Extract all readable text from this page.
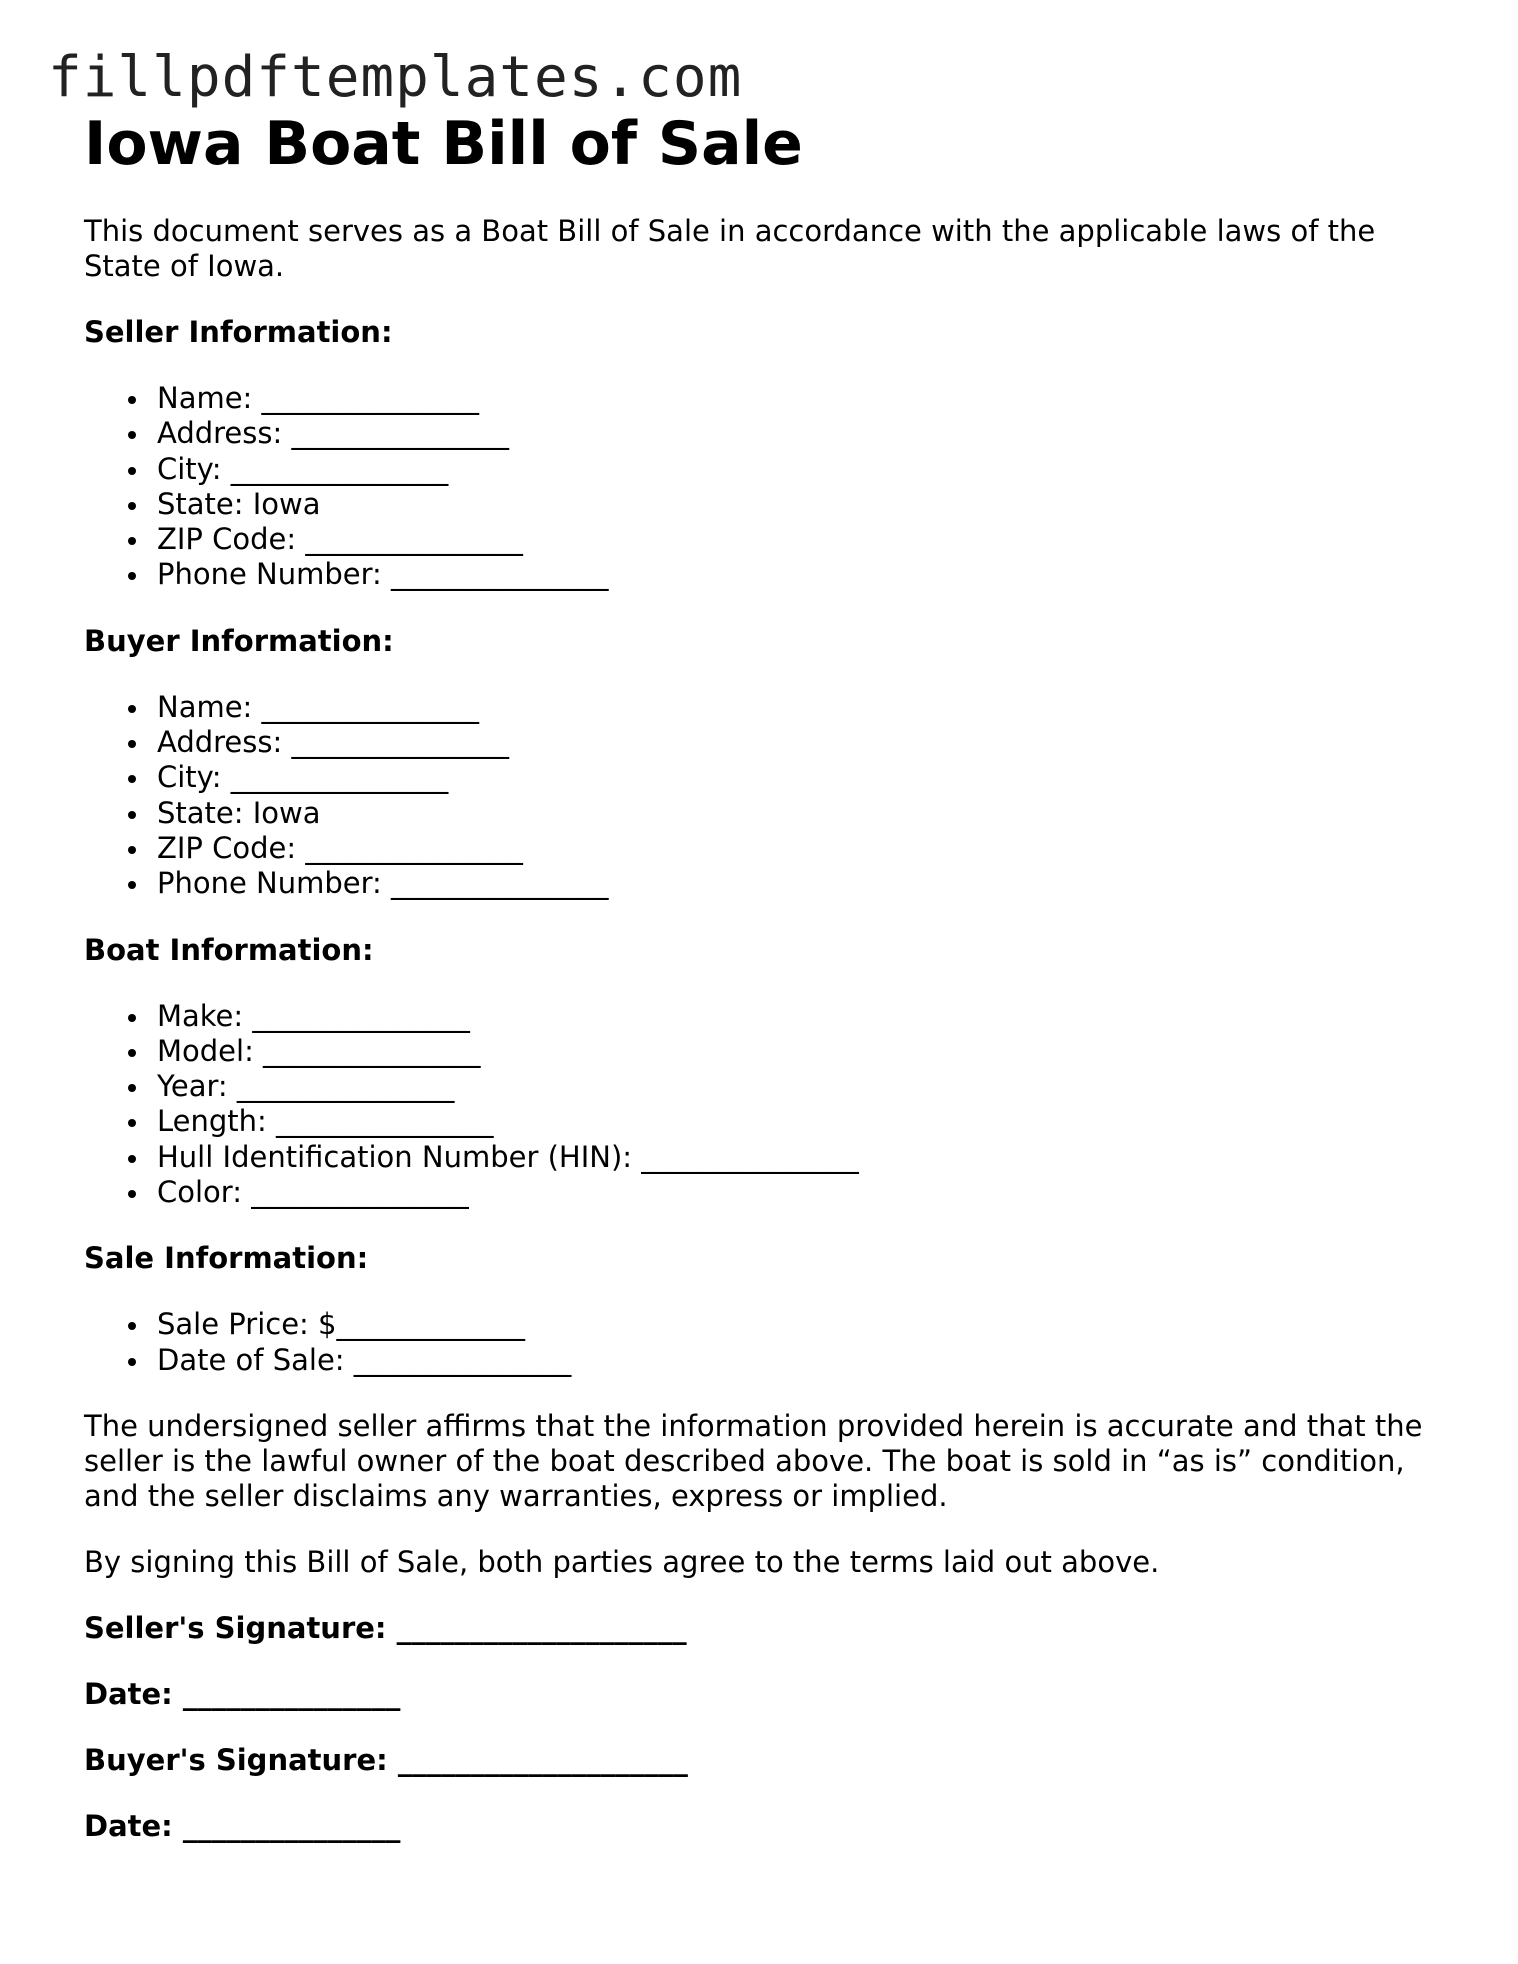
fillpdftemplates.com
Iowa Boat Bill of Sale

This document serves as a Boat Bill of Sale in accordance with the applicable laws of the State of Iowa.

Seller Information:
Name: _______________
Address: _______________
City: _______________
State: Iowa
ZIP Code: _______________
Phone Number: _______________
Buyer Information:
Name: _______________
Address: _______________
City: _______________
State: Iowa
ZIP Code: _______________
Phone Number: _______________
Boat Information:
Make: _______________
Model: _______________
Year: _______________
Length: _______________
Hull Identification Number (HIN): _______________
Color: _______________
Sale Information:
Sale Price: $_____________
Date of Sale: _______________

The undersigned seller affirms that the information provided herein is accurate and that the seller is the lawful owner of the boat described above. The boat is sold in “as is” condition, and the seller disclaims any warranties, express or implied.

By signing this Bill of Sale, both parties agree to the terms laid out above.

Seller's Signature: ____________________
Date: _______________
Buyer's Signature: ____________________
Date: _______________
